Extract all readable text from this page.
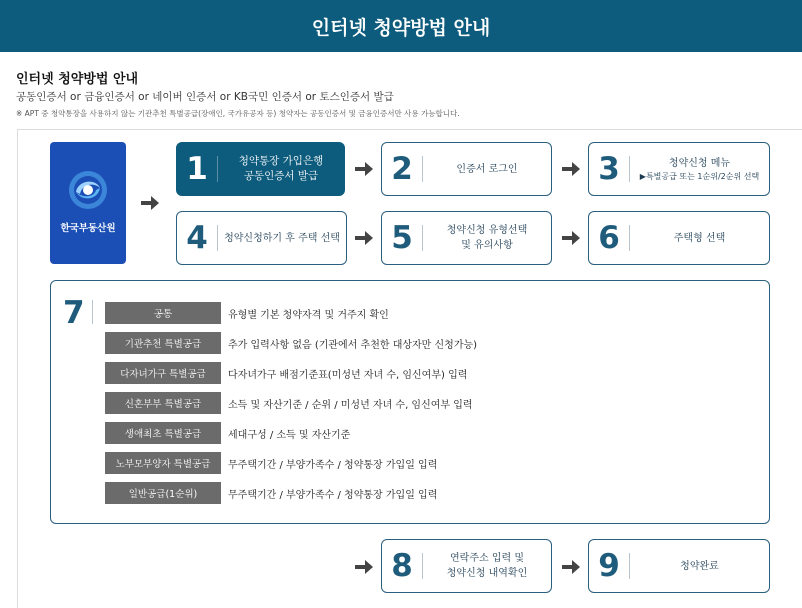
인터넷 청약방법 안내
인터넷 청약방법 안내
공동인증서 or 금융인증서 or 네이버 인증서 or KB국민 인증서 or 토스인증서 발급
※ APT 중 청약통장을 사용하지 않는 기관추천 특별공급(장애인, 국가유공자 등) 청약자는 공동인증서 및 금융인증서만 사용 가능합니다.
한국부동산원
1	청약통장 가입은행
공동인증서 발급	2	인증서 로그인	3	청약신청 메뉴
▶특별공급 또는 1순위/2순위 선택
4	청약신청하기 후 주택 선택 5	청약신청 유형선택
및 유의사항	6	주택형 선택
7	공통	유형별 기본 청약자격 및 거주지 확인
기관추천 특별공급	추가 입력사항 없음 (기관에서 추천한 대상자만 신청가능)
다자녀가구 특별공급	다자녀가구 배점기준표(미성년 자녀 수, 임신여부) 입력
신혼부부 특별공급	소득 및 자산기준 / 순위 / 미성년 자녀 수, 임신여부 입력
생애최초 특별공급	세대구성 / 소득 및 자산기준
노부모부양자 특별공급	무주택기간 / 부양가족수 / 청약통장 가입일 입력
일반공급(1순위)	무주택기간 / 부양가족수 / 청약통장 가입일 입력
8	연락주소 입력 및
청약신청 내역확인	9	청약완료
